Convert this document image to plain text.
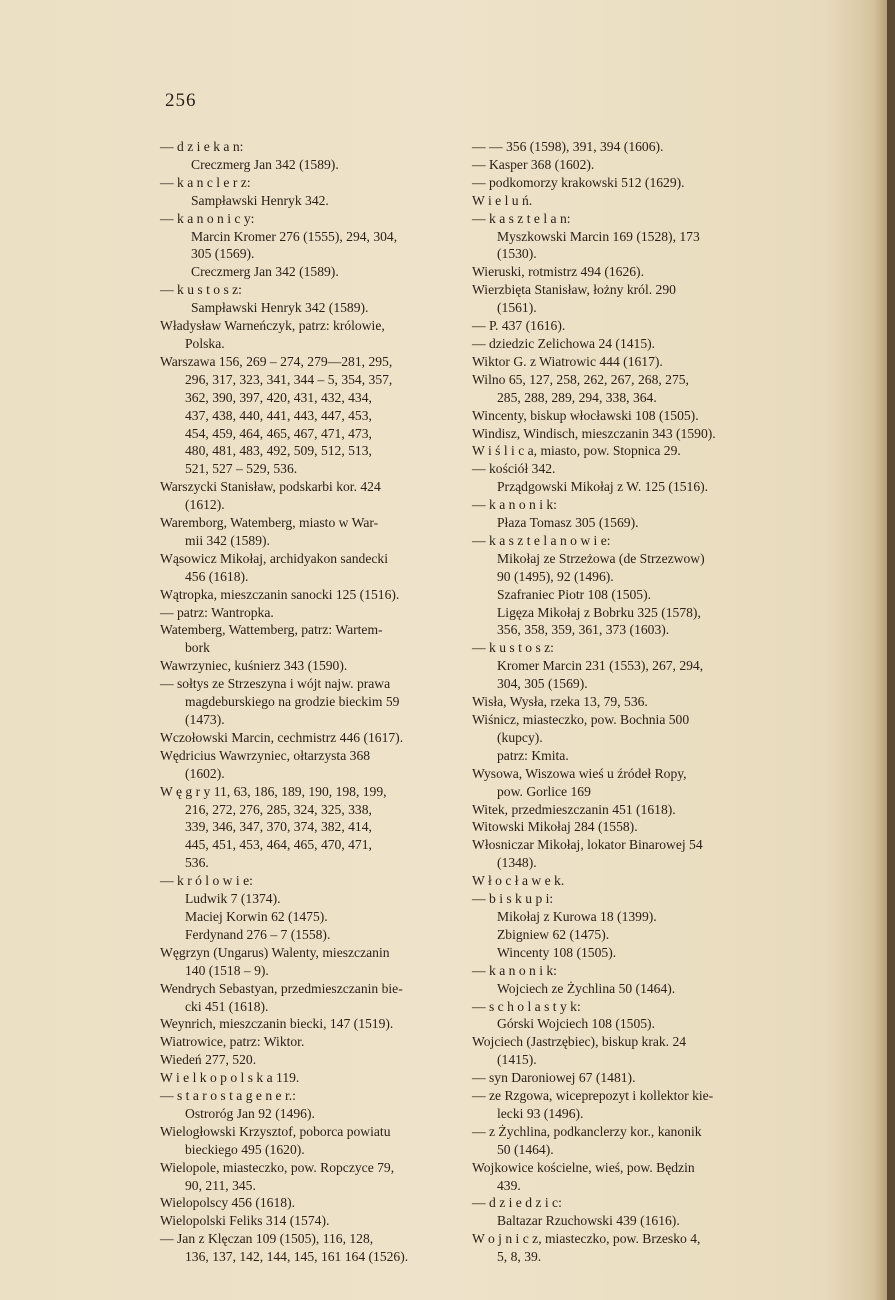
256
— d z i e k a n:
Creczmerg Jan 342 (1589).
— k a n c l e r z:
Sampławski Henryk 342.
— k a n o n i c y:
Marcin Kromer 276 (1555), 294, 304,
305 (1569).
Creczmerg Jan 342 (1589).
— k u s t o s z:
Sampławski Henryk 342 (1589).
Władysław Warneńczyk, patrz: królowie,
Polska.
Warszawa 156, 269 – 274, 279—281, 295,
296, 317, 323, 341, 344 – 5, 354, 357,
362, 390, 397, 420, 431, 432, 434,
437, 438, 440, 441, 443, 447, 453,
454, 459, 464, 465, 467, 471, 473,
480, 481, 483, 492, 509, 512, 513,
521, 527 – 529, 536.
Warszycki Stanisław, podskarbi kor. 424
(1612).
Waremborg, Watemberg, miasto w War-
mii 342 (1589).
Wąsowicz Mikołaj, archidyakon sandecki
456 (1618).
Wątropka, mieszczanin sanocki 125 (1516).
— patrz: Wantropka.
Watemberg, Wattemberg, patrz: Wartem-
bork
Wawrzyniec, kuśnierz 343 (1590).
— sołtys ze Strzeszyna i wójt najw. prawa
magdeburskiego na grodzie bieckim 59
(1473).
Wczołowski Marcin, cechmistrz 446 (1617).
Wędricius Wawrzyniec, ołtarzysta 368
(1602).
W ę g r y 11, 63, 186, 189, 190, 198, 199,
216, 272, 276, 285, 324, 325, 338,
339, 346, 347, 370, 374, 382, 414,
445, 451, 453, 464, 465, 470, 471,
536.
— k r ó l o w i e:
Ludwik 7 (1374).
Maciej Korwin 62 (1475).
Ferdynand 276 – 7 (1558).
Węgrzyn (Ungarus) Walenty, mieszczanin
140 (1518 – 9).
Wendrych Sebastyan, przedmieszczanin bie-
cki 451 (1618).
Weynrich, mieszczanin biecki, 147 (1519).
Wiatrowice, patrz: Wiktor.
Wiedeń 277, 520.
W i e l k o p o l s k a 119.
— s t a r o s t a g e n e r.:
Ostroróg Jan 92 (1496).
Wielogłowski Krzysztof, poborca powiatu
bieckiego 495 (1620).
Wielopole, miasteczko, pow. Ropczyce 79,
90, 211, 345.
Wielopolscy 456 (1618).
Wielopolski Feliks 314 (1574).
— Jan z Klęczan 109 (1505), 116, 128,
136, 137, 142, 144, 145, 161 164 (1526).
— — 356 (1598), 391, 394 (1606).
— Kasper 368 (1602).
— podkomorzy krakowski 512 (1629).
W i e l u ń.
— k a s z t e l a n:
Myszkowski Marcin 169 (1528), 173
(1530).
Wieruski, rotmistrz 494 (1626).
Wierzbięta Stanisław, łożny król. 290
(1561).
— P. 437 (1616).
— dziedzic Zelichowa 24 (1415).
Wiktor G. z Wiatrowic 444 (1617).
Wilno 65, 127, 258, 262, 267, 268, 275,
285, 288, 289, 294, 338, 364.
Wincenty, biskup włocławski 108 (1505).
Windisz, Windisch, mieszczanin 343 (1590).
W i ś l i c a, miasto, pow. Stopnica 29.
— kościół 342.
Prządgowski Mikołaj z W. 125 (1516).
— k a n o n i k:
Płaza Tomasz 305 (1569).
— k a s z t e l a n o w i e:
Mikołaj ze Strzeżowa (de Strzezwow)
90 (1495), 92 (1496).
Szafraniec Piotr 108 (1505).
Ligęza Mikołaj z Bobrku 325 (1578),
356, 358, 359, 361, 373 (1603).
— k u s t o s z:
Kromer Marcin 231 (1553), 267, 294,
304, 305 (1569).
Wisła, Wysła, rzeka 13, 79, 536.
Wiśnicz, miasteczko, pow. Bochnia 500
(kupcy).
patrz: Kmita.
Wysowa, Wiszowa wieś u źródeł Ropy,
pow. Gorlice 169
Witek, przedmieszczanin 451 (1618).
Witowski Mikołaj 284 (1558).
Włosniczar Mikołaj, lokator Binarowej 54
(1348).
W ł o c ł a w e k.
— b i s k u p i:
Mikołaj z Kurowa 18 (1399).
Zbigniew 62 (1475).
Wincenty 108 (1505).
— k a n o n i k:
Wojciech ze Żychlina 50 (1464).
— s c h o l a s t y k:
Górski Wojciech 108 (1505).
Wojciech (Jastrzębiec), biskup krak. 24
(1415).
— syn Daroniowej 67 (1481).
— ze Rzgowa, wiceprepozyt i kollektor kie-
lecki 93 (1496).
— z Żychlina, podkanclerzy kor., kanonik
50 (1464).
Wojkowice kościelne, wieś, pow. Będzin
439.
— d z i e d z i c:
Baltazar Rzuchowski 439 (1616).
W o j n i c z, miasteczko, pow. Brzesko 4,
5, 8, 39.
